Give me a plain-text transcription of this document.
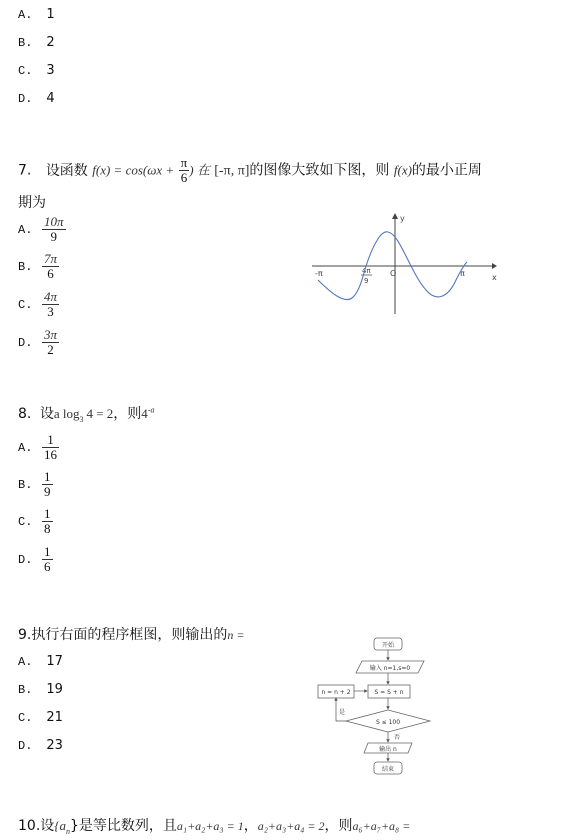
A. 1
B. 2
C. 3
D. 4
7. 设函数 $f(x) = \cos(\omega x + \frac{\pi}{6}$ ) 在 [-π, π]的图像大致如下图，则 f(x)的最小正周
期为
A. $\frac{10\pi}{9}$
B. $\frac{7\pi}{6}$
C. $\frac{4\pi}{3}$
D. $\frac{3\pi}{2}$
y
x
O
-π	π
4π
9
8. 设a $\log_3 4 = 2$，则$4^{-a}$
A. $\frac{1}{16}$
B. $\frac{1}{9}$
C. $\frac{1}{8}$
D. $\frac{1}{6}$
9.执行右面的程序框图，则输出的n =
A. 17
B. 19
C. 21
D. 23
开始
输入 n=1,s=0
S = S + n
n = n + 2
S ≤ 100
是
否
输出 n
结束
10.设$\{a_n\}$是等比数列，且a₁+a₂+a₃ = 1，a₂+a₃+a₄ = 2，则a₆+a₇+a₈ =
